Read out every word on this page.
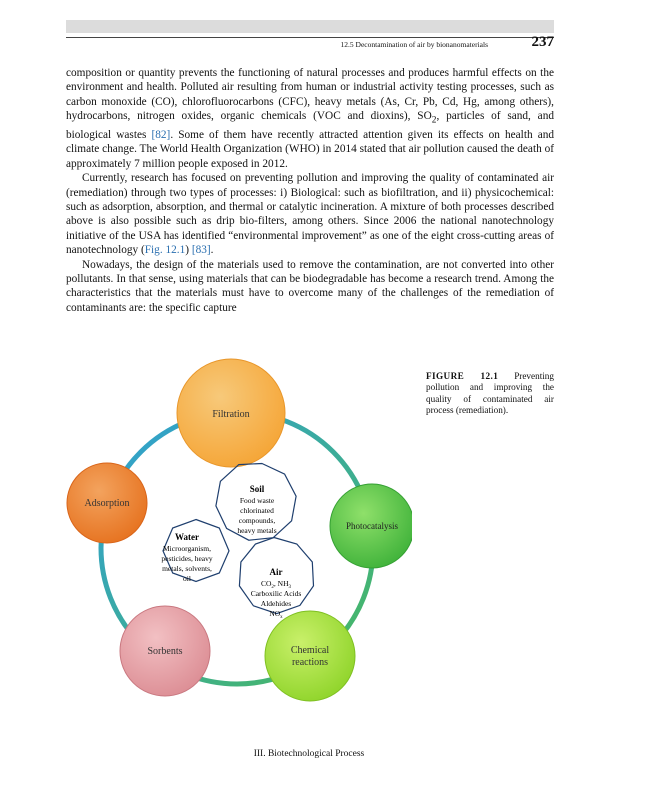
12.5 Decontamination of air by bionanomaterials	237

composition or quantity prevents the functioning of natural processes and produces harmful effects on the environment and health. Polluted air resulting from human or industrial activity testing processes, such as carbon monoxide (CO), chlorofluorocarbons (CFC), heavy metals (As, Cr, Pb, Cd, Hg, among others), hydrocarbons, nitrogen oxides, organic chemicals (VOC and dioxins), $SO_2$, particles of sand, and biological wastes [82]. Some of them have recently attracted attention given its effects on health and climate change. The World Health Organization (WHO) in 2014 stated that air pollution caused the death of approximately 7 million people exposed in 2012.

Currently, research has focused on preventing pollution and improving the quality of contaminated air (remediation) through two types of processes: i) Biological: such as biofiltration, and ii) physicochemical: such as adsorption, absorption, and thermal or catalytic incineration. A mixture of both processes described above is also possible such as drip bio-filters, among others. Since 2006 the national nanotechnology initiative of the USA has identified “environmental improvement” as one of the eight cross-cutting areas of nanotechnology (Fig. 12.1) [83].

Nowadays, the design of the materials used to remove the contamination, are not converted into other pollutants. In that sense, using materials that can be biodegradable has become a research trend. Among the characteristics that the materials must have to overcome many of the challenges of the remediation of contaminants are: the specific capture

FIGURE 12.1 Preventing pollution and improving the quality of contaminated air process (remediation).
Filtration
Adsorption
Photocatalysis
Sorbents	Chemical
reactions
Soil
Food waste
chlorinated
compounds,
heavy metals
Water
Microorganism,
pesticides, heavy
metals, solvents,
oil
Air
$CO_2$, $NH_3$
Carboxilic Acids
Aldehides
$NO_x$
III. Biotechnological Process
